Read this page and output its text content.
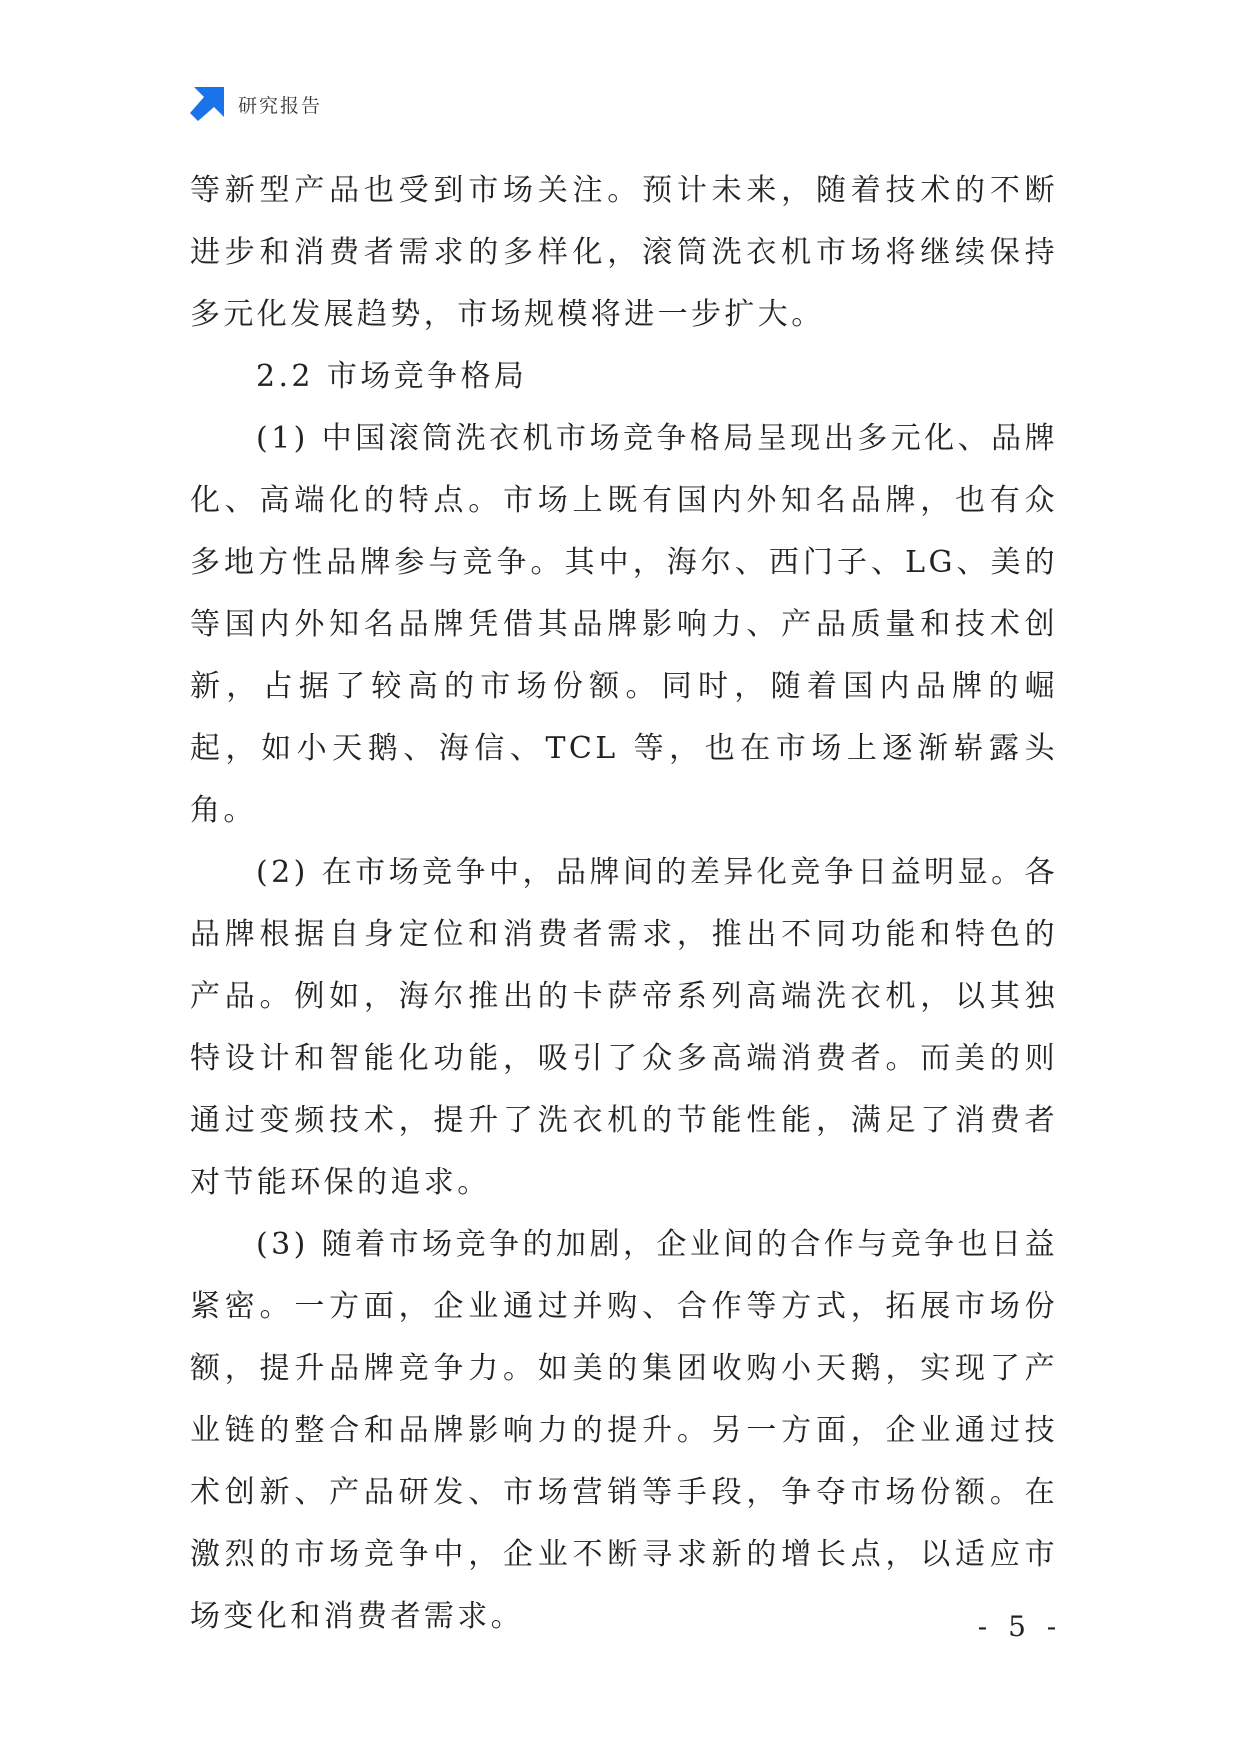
研究报告

等新型产品也受到市场关注。预计未来，随着技术的不断进步和消费者需求的多样化，滚筒洗衣机市场将继续保持多元化发展趋势，市场规模将进一步扩大。

2.2 市场竞争格局

(1) 中国滚筒洗衣机市场竞争格局呈现出多元化、品牌化、高端化的特点。市场上既有国内外知名品牌，也有众多地方性品牌参与竞争。其中，海尔、西门子、LG、美的等国内外知名品牌凭借其品牌影响力、产品质量和技术创新，占据了较高的市场份额。同时，随着国内品牌的崛起，如小天鹅、海信、TCL 等，也在市场上逐渐崭露头角。

(2) 在市场竞争中，品牌间的差异化竞争日益明显。各品牌根据自身定位和消费者需求，推出不同功能和特色的产品。例如，海尔推出的卡萨帝系列高端洗衣机，以其独特设计和智能化功能，吸引了众多高端消费者。而美的则通过变频技术，提升了洗衣机的节能性能，满足了消费者对节能环保的追求。

(3) 随着市场竞争的加剧，企业间的合作与竞争也日益紧密。一方面，企业通过并购、合作等方式，拓展市场份额，提升品牌竞争力。如美的集团收购小天鹅，实现了产业链的整合和品牌影响力的提升。另一方面，企业通过技术创新、产品研发、市场营销等手段，争夺市场份额。在激烈的市场竞争中，企业不断寻求新的增长点，以适应市场变化和消费者需求。	- 5 -
